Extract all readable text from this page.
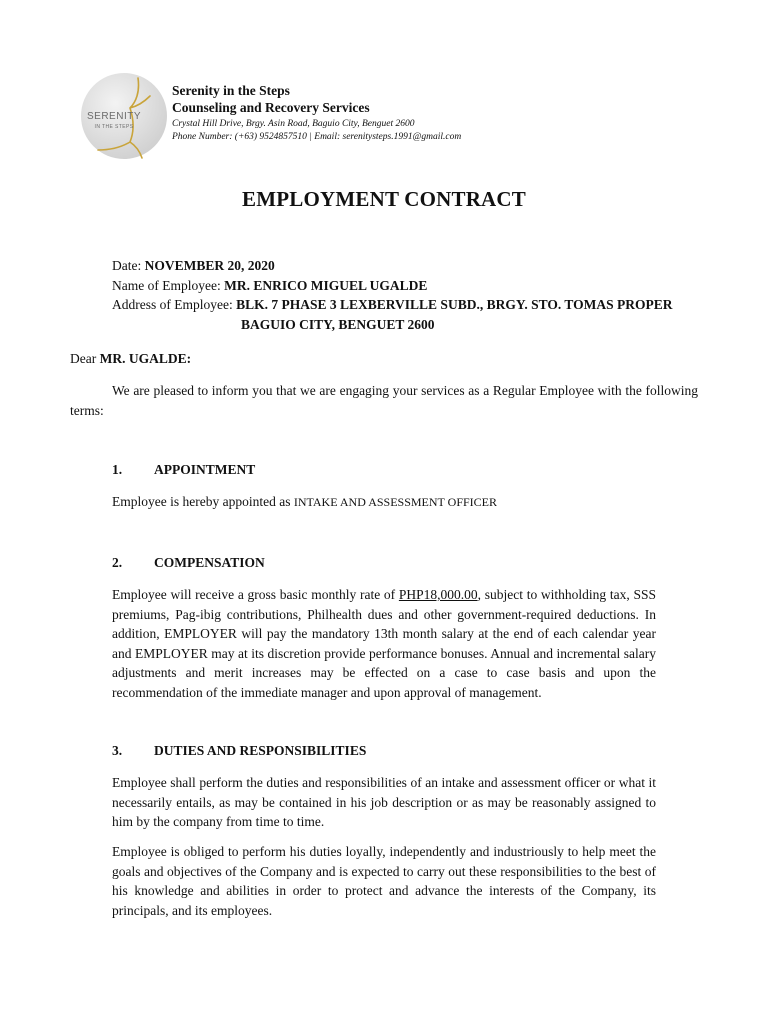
SERENITY
IN THE STEPS
Serenity in the Steps
Counseling and Recovery Services
Crystal Hill Drive, Brgy. Asin Road, Baguio City, Benguet 2600
Phone Number: (+63) 9524857510 | Email: serenitysteps.1991@gmail.com
EMPLOYMENT CONTRACT
Date: NOVEMBER 20, 2020
Name of Employee: MR. ENRICO MIGUEL UGALDE
Address of Employee: BLK. 7 PHASE 3 LEXBERVILLE SUBD., BRGY. STO. TOMAS PROPER
BAGUIO CITY, BENGUET 2600
Dear MR. UGALDE:
We are pleased to inform you that we are engaging your services as a Regular Employee with the following terms:
1. APPOINTMENT
Employee is hereby appointed as INTAKE AND ASSESSMENT OFFICER
2. COMPENSATION
Employee will receive a gross basic monthly rate of PHP18,000.00, subject to withholding tax, SSS premiums, Pag-ibig contributions, Philhealth dues and other government-required deductions. In addition, EMPLOYER will pay the mandatory 13th month salary at the end of each calendar year and EMPLOYER may at its discretion provide performance bonuses. Annual and incremental salary adjustments and merit increases may be effected on a case to case basis and upon the recommendation of the immediate manager and upon approval of management.
3. DUTIES AND RESPONSIBILITIES
Employee shall perform the duties and responsibilities of an intake and assessment officer or what it necessarily entails, as may be contained in his job description or as may be reasonably assigned to him by the company from time to time.
Employee is obliged to perform his duties loyally, independently and industriously to help meet the goals and objectives of the Company and is expected to carry out these responsibilities to the best of his knowledge and abilities in order to protect and advance the interests of the Company, its principals, and its employees.
